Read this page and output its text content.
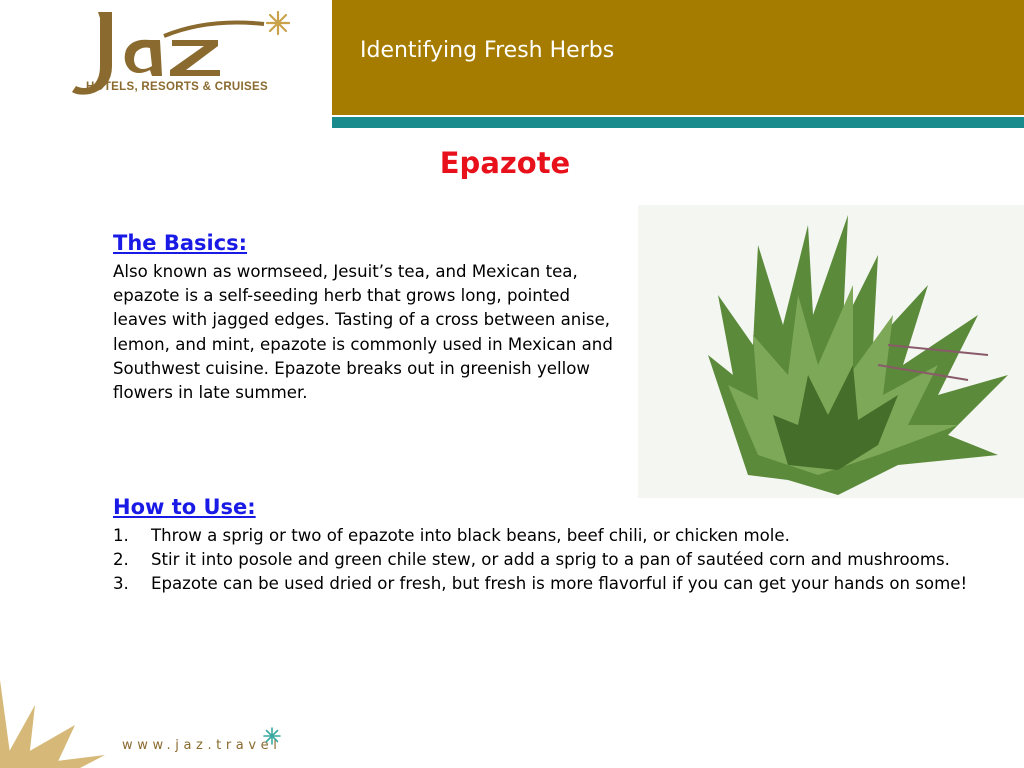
HOTELS, RESORTS & CRUISES
Identifying Fresh Herbs
Epazote
The Basics:
Also known as wormseed, Jesuit’s tea, and Mexican tea, epazote is a self-seeding herb that grows long, pointed leaves with jagged edges. Tasting of a cross between anise, lemon, and mint, epazote is commonly used in Mexican and Southwest cuisine. Epazote breaks out in greenish yellow flowers in late summer.
How to Use:
1. Throw a sprig or two of epazote into black beans, beef chili, or chicken mole.
2. Stir it into posole and green chile stew, or add a sprig to a pan of sautéed corn and mushrooms.
3. Epazote can be used dried or fresh, but fresh is more flavorful if you can get your hands on some!
www.jaz.travel
